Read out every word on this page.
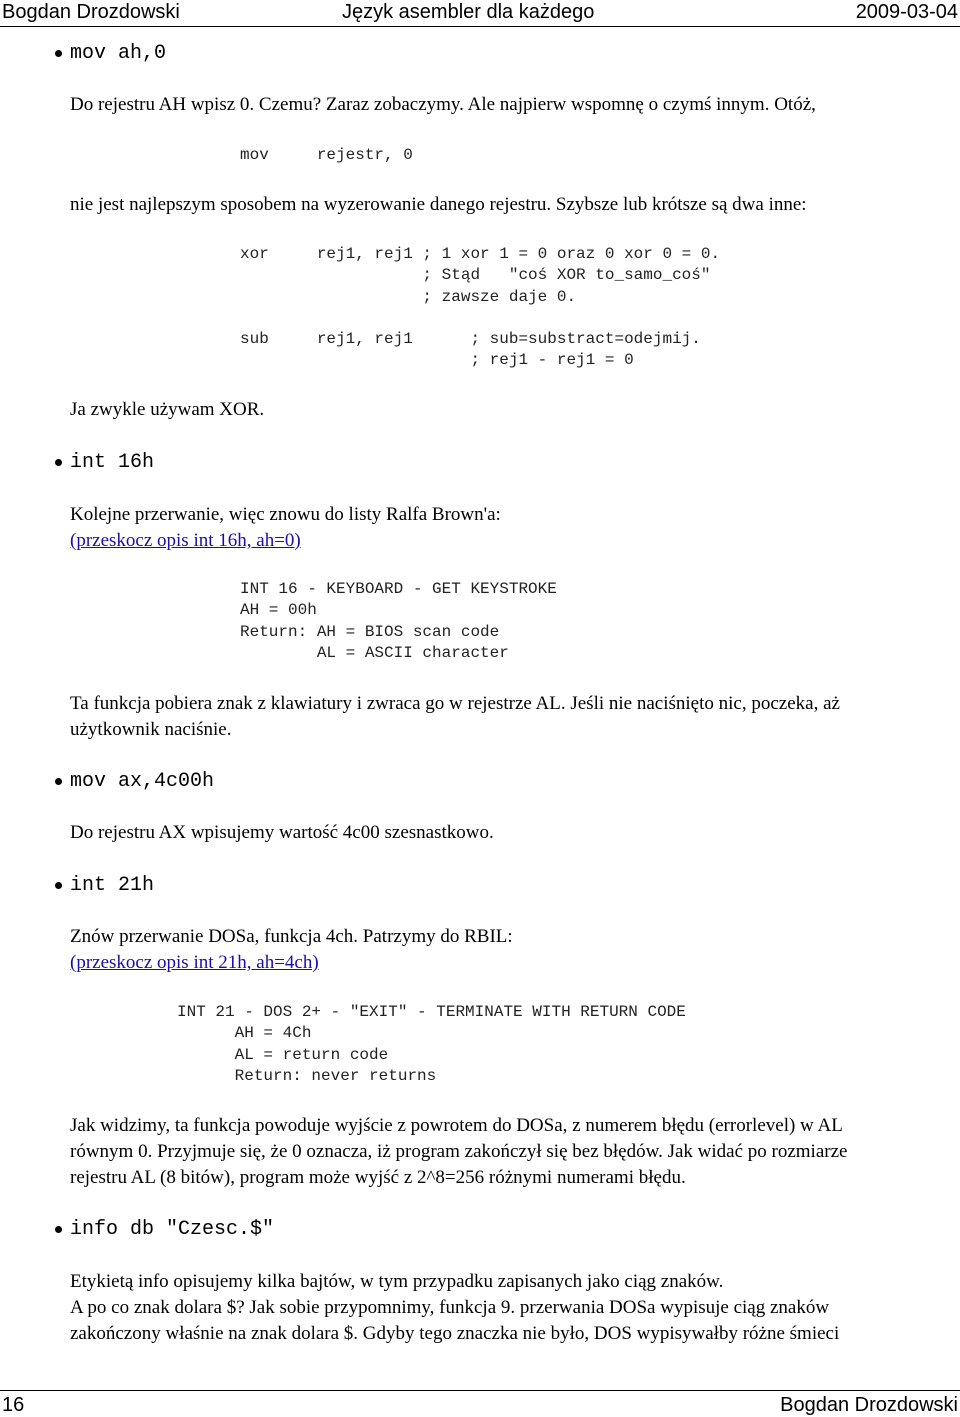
Bogdan Drozdowski	Język asembler dla każdego	2009-03-04
mov ah,0
Do rejestru AH wpisz 0. Czemu? Zaraz zobaczymy. Ale najpierw wspomnę o czymś innym. Otóż,
mov     rejestr, 0
nie jest najlepszym sposobem na wyzerowanie danego rejestru. Szybsze lub krótsze są dwa inne:
xor     rej1, rej1 ; 1 xor 1 = 0 oraz 0 xor 0 = 0.
; Stąd   "coś XOR to_samo_coś"
; zawsze daje 0.
sub     rej1, rej1      ; sub=substract=odejmij.
; rej1 - rej1 = 0
Ja zwykle używam XOR.
int 16h
Kolejne przerwanie, więc znowu do listy Ralfa Brown'a:
(przeskocz opis int 16h, ah=0)
INT 16 - KEYBOARD - GET KEYSTROKE
AH = 00h
Return: AH = BIOS scan code
AL = ASCII character
Ta funkcja pobiera znak z klawiatury i zwraca go w rejestrze AL. Jeśli nie naciśnięto nic, poczeka, aż
użytkownik naciśnie.
mov ax,4c00h
Do rejestru AX wpisujemy wartość 4c00 szesnastkowo.
int 21h
Znów przerwanie DOSa, funkcja 4ch. Patrzymy do RBIL:
(przeskocz opis int 21h, ah=4ch)
INT 21 - DOS 2+ - "EXIT" - TERMINATE WITH RETURN CODE
AH = 4Ch
AL = return code
Return: never returns
Jak widzimy, ta funkcja powoduje wyjście z powrotem do DOSa, z numerem błędu (errorlevel) w AL
równym 0. Przyjmuje się, że 0 oznacza, iż program zakończył się bez błędów. Jak widać po rozmiarze
rejestru AL (8 bitów), program może wyjść z 2^8=256 różnymi numerami błędu.
info db "Czesc.$"
Etykietą info opisujemy kilka bajtów, w tym przypadku zapisanych jako ciąg znaków.
A po co znak dolara $? Jak sobie przypomnimy, funkcja 9. przerwania DOSa wypisuje ciąg znaków
zakończony właśnie na znak dolara $. Gdyby tego znaczka nie było, DOS wypisywałby różne śmieci
16	Bogdan Drozdowski
